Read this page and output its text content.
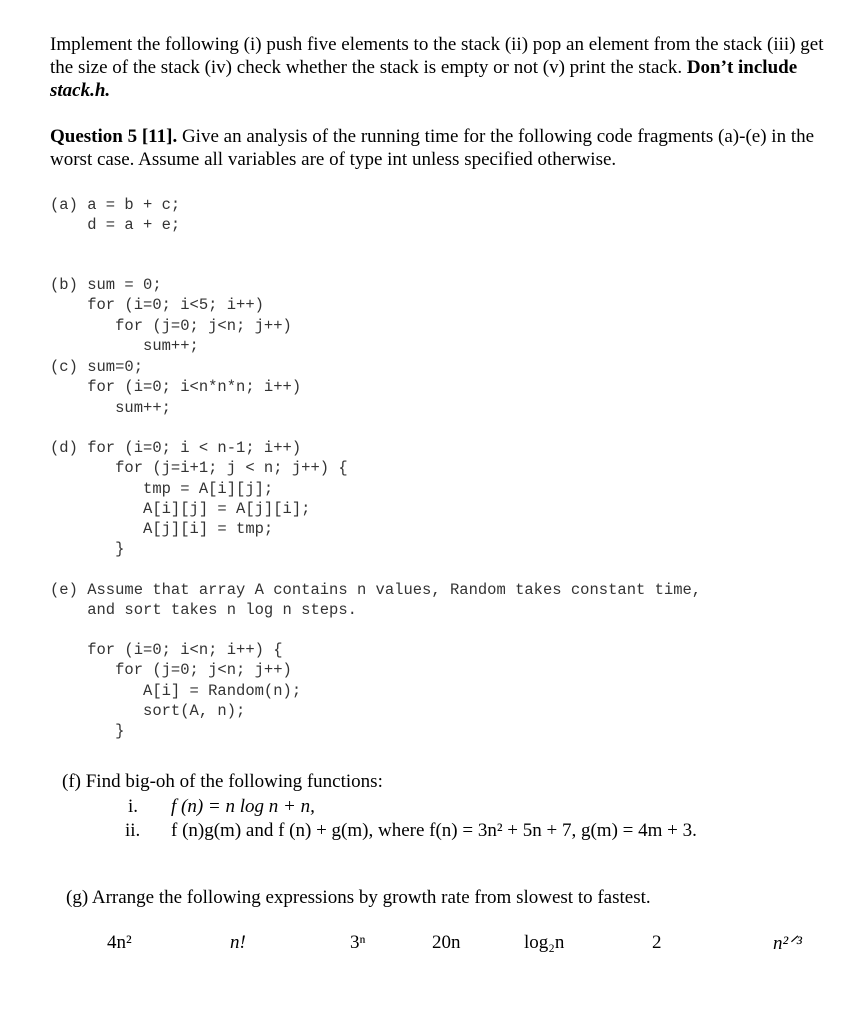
Implement the following (i) push five elements to the stack (ii) pop an element from the stack (iii) get the size of the stack (iv) check whether the stack is empty or not (v) print the stack. Don’t include stack.h.
Question 5 [11]. Give an analysis of the running time for the following code fragments (a)-(e) in the worst case. Assume all variables are of type int unless specified otherwise.
(a) a = b + c;
d = a + e;
(b) sum = 0;
for (i=0; i<5; i++)
for (j=0; j<n; j++)
sum++;
(c) sum=0;
for (i=0; i<n*n*n; i++)
sum++;
(d) for (i=0; i < n-1; i++)
for (j=i+1; j < n; j++) {
tmp = A[i][j];
A[i][j] = A[j][i];
A[j][i] = tmp;
}
(e) Assume that array A contains n values, Random takes constant time,
and sort takes n log n steps.
for (i=0; i<n; i++) {
for (j=0; j<n; j++)
A[i] = Random(n);
sort(A, n);
}
(f) Find big-oh of the following functions:
i. f (n) = n log n + n,
ii. f (n)g(m) and f (n) + g(m), where f(n) = 3n² + 5n + 7, g(m) = 4m + 3.
(g) Arrange the following expressions by growth rate from slowest to fastest.
4n²	n!	3ⁿ	20n	log₂n	2	n²ᐟ³
